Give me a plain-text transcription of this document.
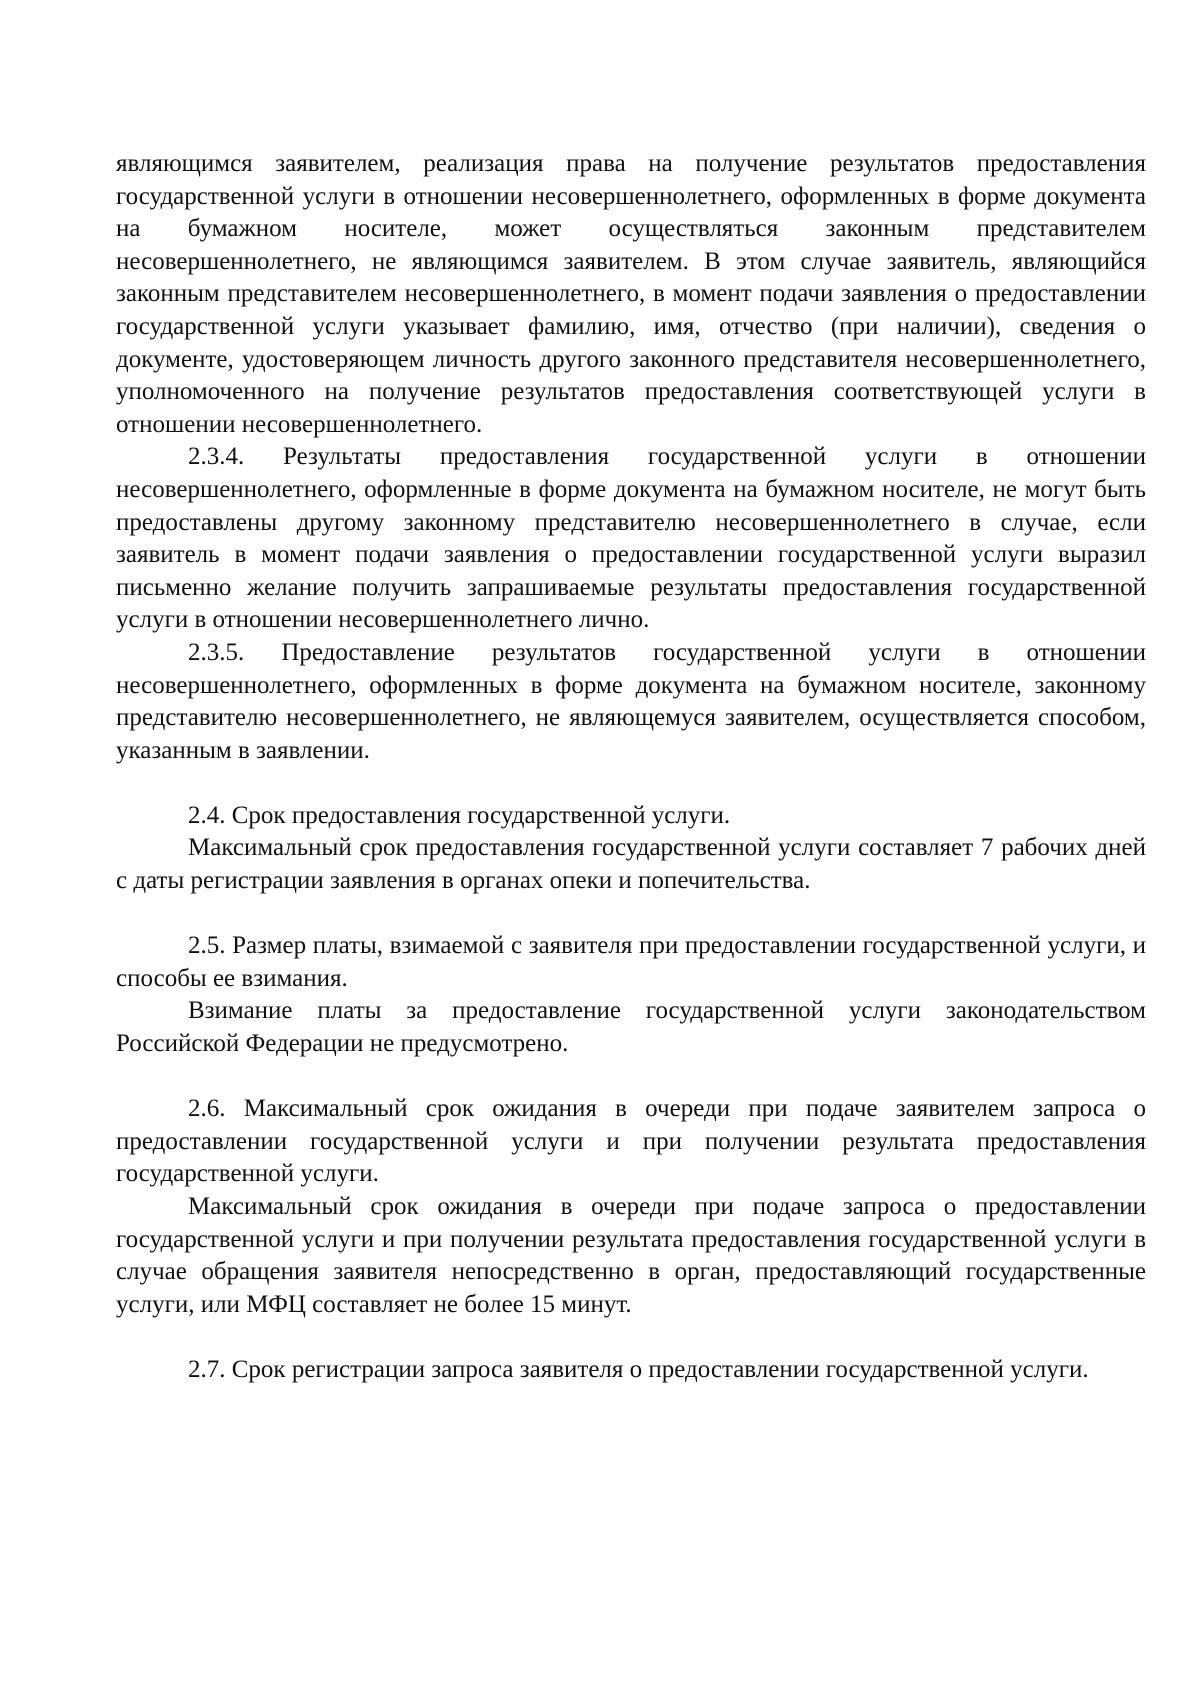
являющимся заявителем, реализация права на получение результатов предоставления государственной услуги в отношении несовершеннолетнего, оформленных в форме документа на бумажном носителе, может осуществляться законным представителем несовершеннолетнего, не являющимся заявителем. В этом случае заявитель, являющийся законным представителем несовершеннолетнего, в момент подачи заявления о предоставлении государственной услуги указывает фамилию, имя, отчество (при наличии), сведения о документе, удостоверяющем личность другого законного представителя несовершеннолетнего, уполномоченного на получение результатов предоставления соответствующей услуги в отношении несовершеннолетнего.

2.3.4. Результаты предоставления государственной услуги в отношении несовершеннолетнего, оформленные в форме документа на бумажном носителе, не могут быть предоставлены другому законному представителю несовершеннолетнего в случае, если заявитель в момент подачи заявления о предоставлении государственной услуги выразил письменно желание получить запрашиваемые результаты предоставления государственной услуги в отношении несовершеннолетнего лично.

2.3.5. Предоставление результатов государственной услуги в отношении несовершеннолетнего, оформленных в форме документа на бумажном носителе, законному представителю несовершеннолетнего, не являющемуся заявителем, осуществляется способом, указанным в заявлении.

2.4. Срок предоставления государственной услуги.

Максимальный срок предоставления государственной услуги составляет 7 рабочих дней с даты регистрации заявления в органах опеки и попечительства.

2.5. Размер платы, взимаемой с заявителя при предоставлении государственной услуги, и способы ее взимания.

Взимание платы за предоставление государственной услуги законодательством Российской Федерации не предусмотрено.

2.6. Максимальный срок ожидания в очереди при подаче заявителем запроса о предоставлении государственной услуги и при получении результата предоставления государственной услуги.

Максимальный срок ожидания в очереди при подаче запроса о предоставлении государственной услуги и при получении результата предоставления государственной услуги в случае обращения заявителя непосредственно в орган, предоставляющий государственные услуги, или МФЦ составляет не более 15 минут.

2.7. Срок регистрации запроса заявителя о предоставлении государственной услуги.
